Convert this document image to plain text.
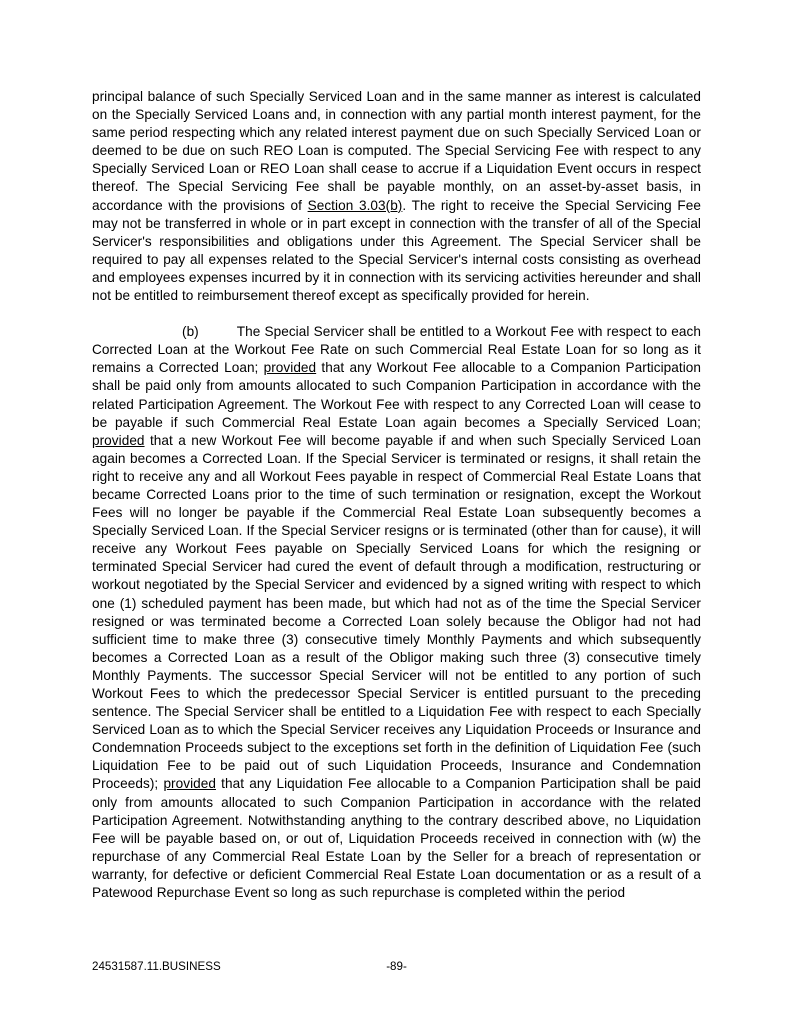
principal balance of such Specially Serviced Loan and in the same manner as interest is calculated on the Specially Serviced Loans and, in connection with any partial month interest payment, for the same period respecting which any related interest payment due on such Specially Serviced Loan or deemed to be due on such REO Loan is computed. The Special Servicing Fee with respect to any Specially Serviced Loan or REO Loan shall cease to accrue if a Liquidation Event occurs in respect thereof. The Special Servicing Fee shall be payable monthly, on an asset-by-asset basis, in accordance with the provisions of Section 3.03(b). The right to receive the Special Servicing Fee may not be transferred in whole or in part except in connection with the transfer of all of the Special Servicer's responsibilities and obligations under this Agreement. The Special Servicer shall be required to pay all expenses related to the Special Servicer's internal costs consisting as overhead and employees expenses incurred by it in connection with its servicing activities hereunder and shall not be entitled to reimbursement thereof except as specifically provided for herein.

(b)	The Special Servicer shall be entitled to a Workout Fee with respect to each Corrected Loan at the Workout Fee Rate on such Commercial Real Estate Loan for so long as it remains a Corrected Loan; provided that any Workout Fee allocable to a Companion Participation shall be paid only from amounts allocated to such Companion Participation in accordance with the related Participation Agreement. The Workout Fee with respect to any Corrected Loan will cease to be payable if such Commercial Real Estate Loan again becomes a Specially Serviced Loan; provided that a new Workout Fee will become payable if and when such Specially Serviced Loan again becomes a Corrected Loan. If the Special Servicer is terminated or resigns, it shall retain the right to receive any and all Workout Fees payable in respect of Commercial Real Estate Loans that became Corrected Loans prior to the time of such termination or resignation, except the Workout Fees will no longer be payable if the Commercial Real Estate Loan subsequently becomes a Specially Serviced Loan. If the Special Servicer resigns or is terminated (other than for cause), it will receive any Workout Fees payable on Specially Serviced Loans for which the resigning or terminated Special Servicer had cured the event of default through a modification, restructuring or workout negotiated by the Special Servicer and evidenced by a signed writing with respect to which one (1) scheduled payment has been made, but which had not as of the time the Special Servicer resigned or was terminated become a Corrected Loan solely because the Obligor had not had sufficient time to make three (3) consecutive timely Monthly Payments and which subsequently becomes a Corrected Loan as a result of the Obligor making such three (3) consecutive timely Monthly Payments. The successor Special Servicer will not be entitled to any portion of such Workout Fees to which the predecessor Special Servicer is entitled pursuant to the preceding sentence. The Special Servicer shall be entitled to a Liquidation Fee with respect to each Specially Serviced Loan as to which the Special Servicer receives any Liquidation Proceeds or Insurance and Condemnation Proceeds subject to the exceptions set forth in the definition of Liquidation Fee (such Liquidation Fee to be paid out of such Liquidation Proceeds, Insurance and Condemnation Proceeds); provided that any Liquidation Fee allocable to a Companion Participation shall be paid only from amounts allocated to such Companion Participation in accordance with the related Participation Agreement. Notwithstanding anything to the contrary described above, no Liquidation Fee will be payable based on, or out of, Liquidation Proceeds received in connection with (w) the repurchase of any Commercial Real Estate Loan by the Seller for a breach of representation or warranty, for defective or deficient Commercial Real Estate Loan documentation or as a result of a Patewood Repurchase Event so long as such repurchase is completed within the period

24531587.11.BUSINESS	-89-
